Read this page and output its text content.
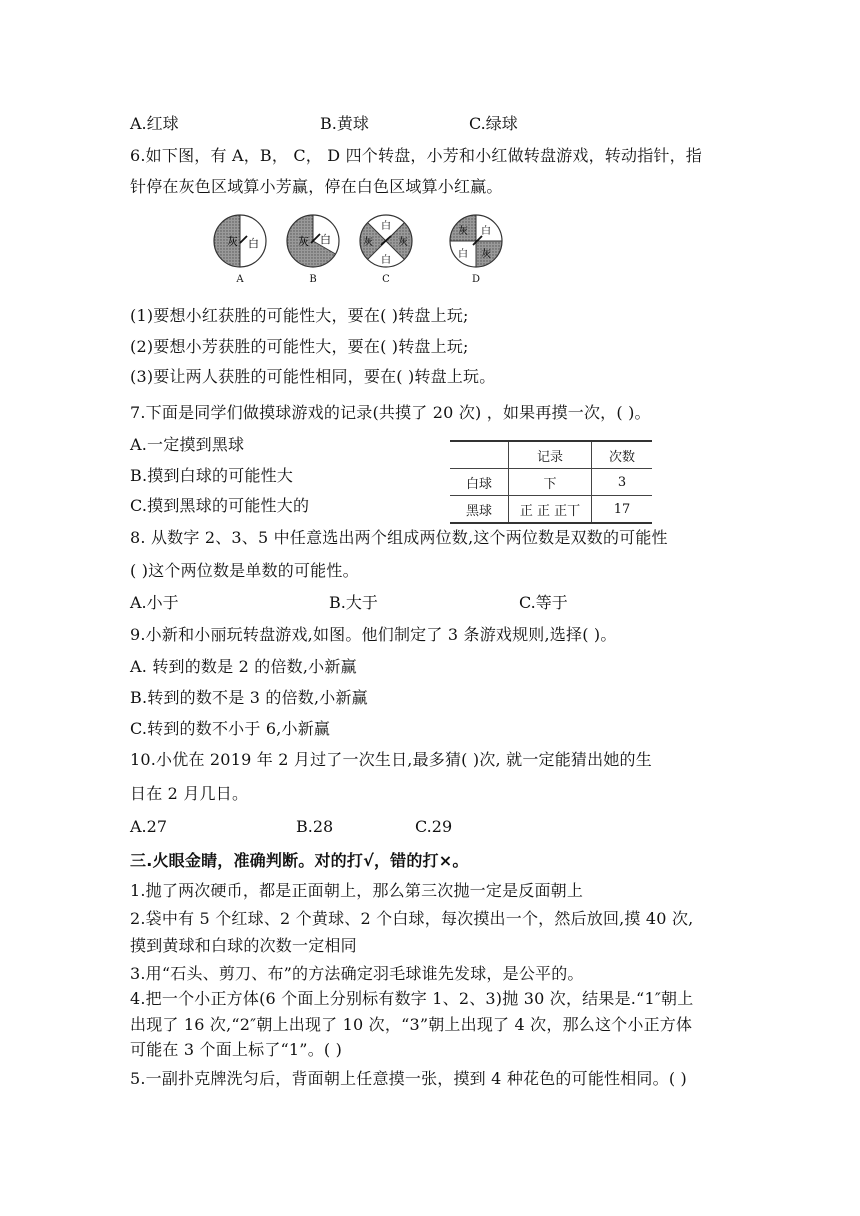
A.红球	B.黄球	C.绿球
6.如下图，有 A，B， C， D 四个转盘，小芳和小红做转盘游戏，转动指针，指
针停在灰色区域算小芳赢，停在白色区域算小红赢。
灰 白
A
灰 白
B
白
灰	灰
白
C
灰 白
白 灰
D
(1)要想小红获胜的可能性大，要在( )转盘上玩;
(2)要想小芳获胜的可能性大，要在( )转盘上玩;
(3)要让两人获胜的可能性相同，要在( )转盘上玩。
7.下面是同学们做摸球游戏的记录(共摸了 20 次) ，如果再摸一次，( )。
A.一定摸到黑球
B.摸到白球的可能性大
C.摸到黑球的可能性大的
	记录	次数
白球	下	3
黑球	正 正 正丅	17
8. 从数字 2、3、5 中任意选出两个组成两位数,这个两位数是双数的可能性
( )这个两位数是单数的可能性。
A.小于	B.大于	C.等于
9.小新和小丽玩转盘游戏,如图。他们制定了 3 条游戏规则,选择( )。
A. 转到的数是 2 的倍数,小新赢
B.转到的数不是 3 的倍数,小新赢
C.转到的数不小于 6,小新赢
10.小优在 2019 年 2 月过了一次生日,最多猜( )次, 就一定能猜出她的生
日在 2 月几日。
A.27	B.28	C.29
三.火眼金睛，准确判断。对的打√，错的打×。
1.抛了两次硬币，都是正面朝上，那么第三次抛一定是反面朝上
2.袋中有 5 个红球、2 个黄球、2 个白球，每次摸出一个，然后放回,摸 40 次,
摸到黄球和白球的次数一定相同
3.用“石头、剪刀、布”的方法确定羽毛球谁先发球，是公平的。
4.把一个小正方体(6 个面上分别标有数字 1、2、3)抛 30 次，结果是.“1″朝上
出现了 16 次,“2″朝上出现了 10 次，“3”朝上出现了 4 次，那么这个小正方体
可能在 3 个面上标了“1”。( )
5.一副扑克牌洗匀后，背面朝上任意摸一张，摸到 4 种花色的可能性相同。( )
